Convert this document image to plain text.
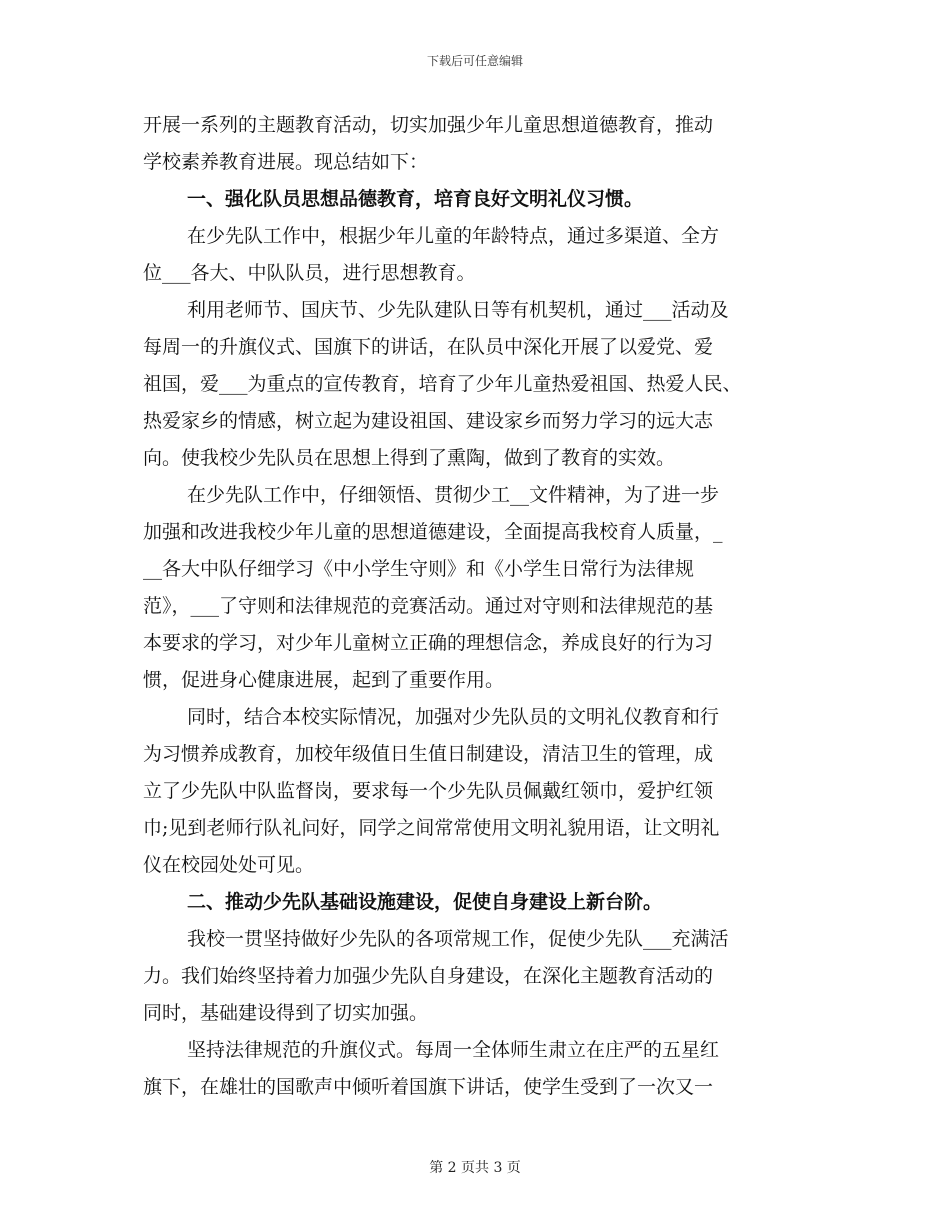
下载后可任意编辑
开展一系列的主题教育活动，切实加强少年儿童思想道德教育，推动
学校素养教育进展。现总结如下：
一、强化队员思想品德教育，培育良好文明礼仪习惯。
在少先队工作中，根据少年儿童的年龄特点，通过多渠道、全方
位___各大、中队队员，进行思想教育。
利用老师节、国庆节、少先队建队日等有机契机，通过___活动及
每周一的升旗仪式、国旗下的讲话，在队员中深化开展了以爱党、爱
祖国，爱___为重点的宣传教育，培育了少年儿童热爱祖国、热爱人民、
热爱家乡的情感，树立起为建设祖国、建设家乡而努力学习的远大志
向。使我校少先队员在思想上得到了熏陶，做到了教育的实效。
在少先队工作中，仔细领悟、贯彻少工__文件精神，为了进一步
加强和改进我校少年儿童的思想道德建设，全面提高我校育人质量，_
__各大中队仔细学习《中小学生守则》和《小学生日常行为法律规
范》，___了守则和法律规范的竞赛活动。通过对守则和法律规范的基
本要求的学习，对少年儿童树立正确的理想信念，养成良好的行为习
惯，促进身心健康进展，起到了重要作用。
同时，结合本校实际情况，加强对少先队员的文明礼仪教育和行
为习惯养成教育，加校年级值日生值日制建设，清洁卫生的管理，成
立了少先队中队监督岗，要求每一个少先队员佩戴红领巾，爱护红领
巾;见到老师行队礼问好，同学之间常常使用文明礼貌用语，让文明礼
仪在校园处处可见。
二、推动少先队基础设施建设，促使自身建设上新台阶。
我校一贯坚持做好少先队的各项常规工作，促使少先队___充满活
力。我们始终坚持着力加强少先队自身建设，在深化主题教育活动的
同时，基础建设得到了切实加强。
坚持法律规范的升旗仪式。每周一全体师生肃立在庄严的五星红
旗下，在雄壮的国歌声中倾听着国旗下讲话，使学生受到了一次又一
第 2 页共 3 页
